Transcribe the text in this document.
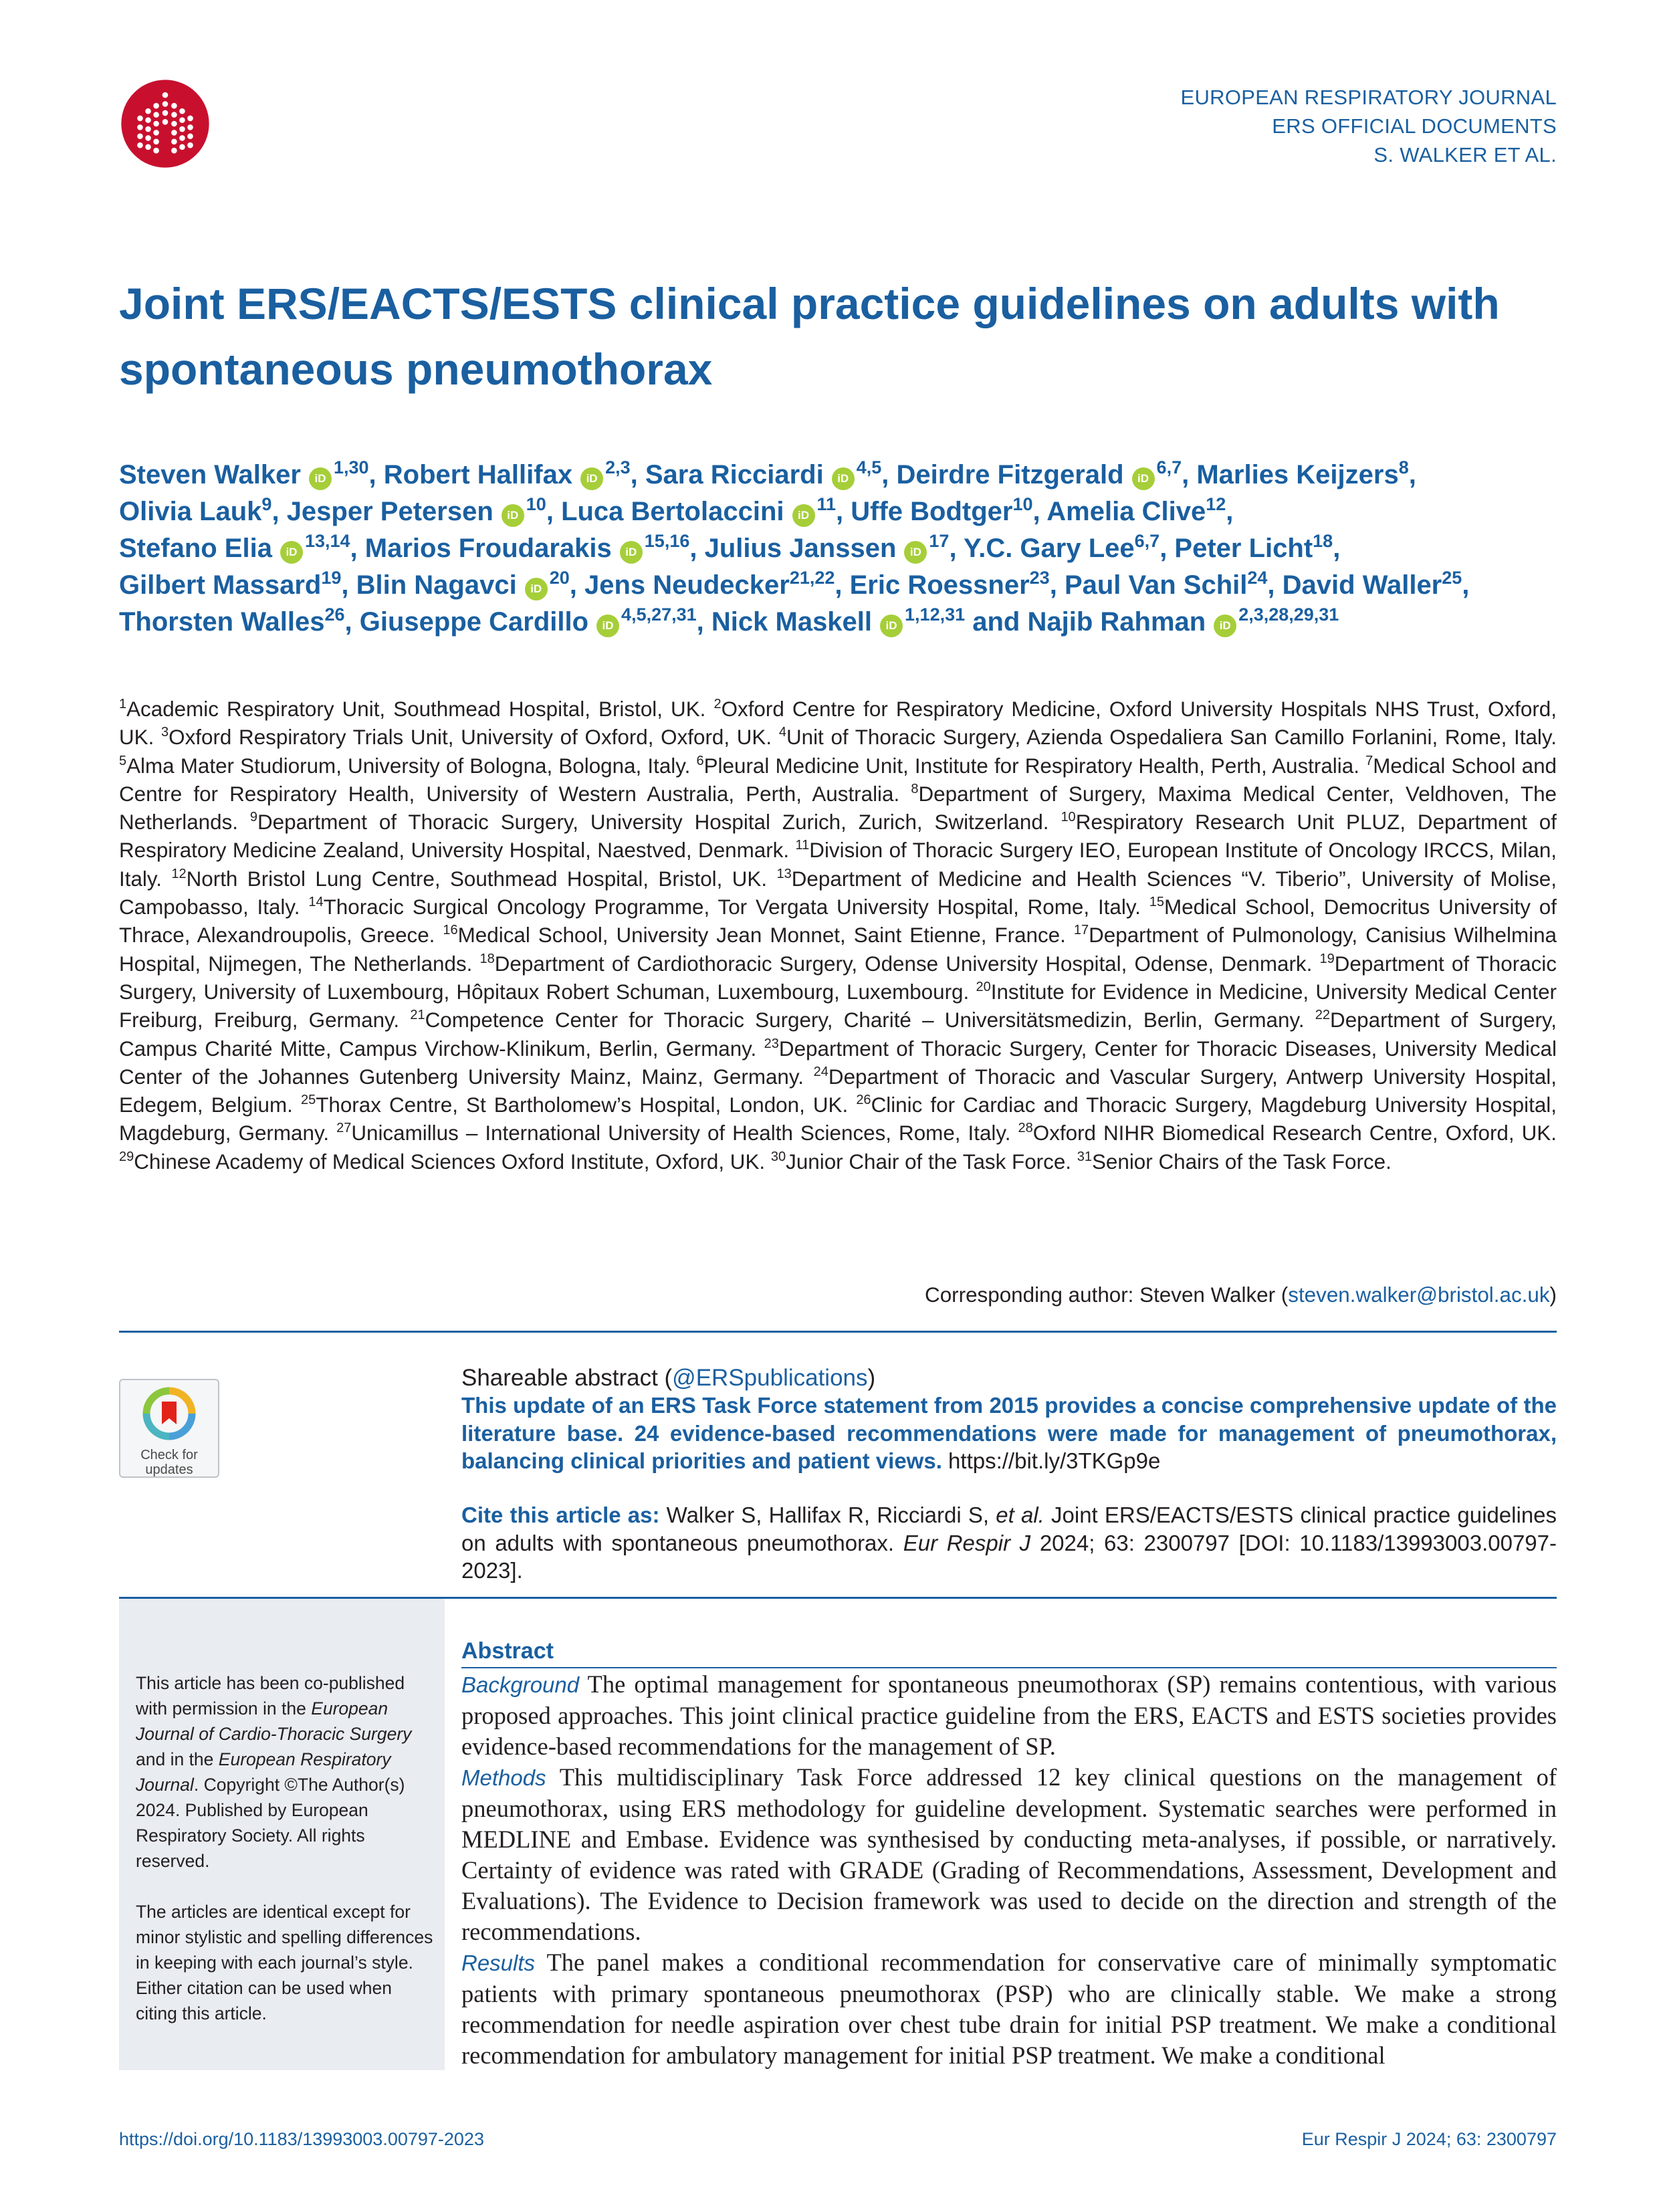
EUROPEAN RESPIRATORY JOURNAL
ERS OFFICIAL DOCUMENTS
S. WALKER ET AL.
Joint ERS/EACTS/ESTS clinical practice guidelines on adults with spontaneous pneumothorax
Steven Walker iD$^{1,30}$, Robert Hallifax iD$^{2,3}$, Sara Ricciardi iD$^{4,5}$, Deirdre Fitzgerald iD$^{6,7}$, Marlies Keijzers$^8$,
Olivia Lauk$^9$, Jesper Petersen $iD^{10}$, Luca Bertolaccini $iD^{11}$, Uffe Bodtger$^{10}$, Amelia Clive$^{12}$,
Stefano Elia iD$^{13,14}$, Marios Froudarakis iD$^{15,16}$, Julius Janssen $iD^{17}$, Y.C. Gary Lee$^{6,7}$, Peter Licht$^{18}$,
Gilbert Massard$^{19}$, Blin Nagavci $iD^{20}$, Jens Neudecker$^{21,22}$, Eric Roessner$^{23}$, Paul Van Schil$^{24}$, David Waller$^{25}$,
Thorsten Walles$^{26}$, Giuseppe Cardillo iD$^{4,5,27,31}$, Nick Maskell iD$^{1,12,31}$ and Najib Rahman iD$^{2,3,28,29,31}$
$^1$Academic Respiratory Unit, Southmead Hospital, Bristol, UK. $^2$Oxford Centre for Respiratory Medicine, Oxford University Hospitals NHS Trust, Oxford, UK. $^3$Oxford Respiratory Trials Unit, University of Oxford, Oxford, UK. $^4$Unit of Thoracic Surgery, Azienda Ospedaliera San Camillo Forlanini, Rome, Italy. $^5$Alma Mater Studiorum, University of Bologna, Bologna, Italy. $^6$Pleural Medicine Unit, Institute for Respiratory Health, Perth, Australia. $^7$Medical School and Centre for Respiratory Health, University of Western Australia, Perth, Australia. $^8$Department of Surgery, Maxima Medical Center, Veldhoven, The Netherlands. $^9$Department of Thoracic Surgery, University Hospital Zurich, Zurich, Switzerland. $^{10}$Respiratory Research Unit PLUZ, Department of Respiratory Medicine Zealand, University Hospital, Naestved, Denmark. $^{11}$Division of Thoracic Surgery IEO, European Institute of Oncology IRCCS, Milan, Italy. $^{12}$North Bristol Lung Centre, Southmead Hospital, Bristol, UK. $^{13}$Department of Medicine and Health Sciences “V. Tiberio”, University of Molise, Campobasso, Italy. $^{14}$Thoracic Surgical Oncology Programme, Tor Vergata University Hospital, Rome, Italy. $^{15}$Medical School, Democritus University of Thrace, Alexandroupolis, Greece. $^{16}$Medical School, University Jean Monnet, Saint Etienne, France. $^{17}$Department of Pulmonology, Canisius Wilhelmina Hospital, Nijmegen, The Netherlands. $^{18}$Department of Cardiothoracic Surgery, Odense University Hospital, Odense, Denmark. $^{19}$Department of Thoracic Surgery, University of Luxembourg, Hôpitaux Robert Schuman, Luxembourg, Luxembourg. $^{20}$Institute for Evidence in Medicine, University Medical Center Freiburg, Freiburg, Germany. $^{21}$Competence Center for Thoracic Surgery, Charité – Universitätsmedizin, Berlin, Germany. $^{22}$Department of Surgery, Campus Charité Mitte, Campus Virchow-Klinikum, Berlin, Germany. $^{23}$Department of Thoracic Surgery, Center for Thoracic Diseases, University Medical Center of the Johannes Gutenberg University Mainz, Mainz, Germany. $^{24}$Department of Thoracic and Vascular Surgery, Antwerp University Hospital, Edegem, Belgium. $^{25}$Thorax Centre, St Bartholomew’s Hospital, London, UK. $^{26}$Clinic for Cardiac and Thoracic Surgery, Magdeburg University Hospital, Magdeburg, Germany. $^{27}$Unicamillus – International University of Health Sciences, Rome, Italy. $^{28}$Oxford NIHR Biomedical Research Centre, Oxford, UK. $^{29}$Chinese Academy of Medical Sciences Oxford Institute, Oxford, UK. $^{30}$Junior Chair of the Task Force. $^{31}$Senior Chairs of the Task Force.
Corresponding author: Steven Walker (steven.walker@bristol.ac.uk)
Check for
updates
Shareable abstract (@ERSpublications)
This update of an ERS Task Force statement from 2015 provides a concise comprehensive update of the literature base. 24 evidence-based recommendations were made for management of pneumothorax, balancing clinical priorities and patient views. https://bit.ly/3TKGp9e
Cite this article as: Walker S, Hallifax R, Ricciardi S, et al. Joint ERS/EACTS/ESTS clinical practice guidelines on adults with spontaneous pneumothorax. Eur Respir J 2024; 63: 2300797 [DOI: 10.1183/13993003.00797-2023].

This article has been co-published with permission in the European Journal of Cardio-Thoracic Surgery and in the European Respiratory Journal. Copyright ©The Author(s) 2024. Published by European Respiratory Society. All rights reserved.

The articles are identical except for minor stylistic and spelling differences in keeping with each journal’s style. Either citation can be used when citing this article.

Abstract

Background The optimal management for spontaneous pneumothorax (SP) remains contentious, with various proposed approaches. This joint clinical practice guideline from the ERS, EACTS and ESTS societies provides evidence-based recommendations for the management of SP.

Methods This multidisciplinary Task Force addressed 12 key clinical questions on the management of pneumothorax, using ERS methodology for guideline development. Systematic searches were performed in MEDLINE and Embase. Evidence was synthesised by conducting meta-analyses, if possible, or narratively. Certainty of evidence was rated with GRADE (Grading of Recommendations, Assessment, Development and Evaluations). The Evidence to Decision framework was used to decide on the direction and strength of the recommendations.

Results The panel makes a conditional recommendation for conservative care of minimally symptomatic patients with primary spontaneous pneumothorax (PSP) who are clinically stable. We make a strong recommendation for needle aspiration over chest tube drain for initial PSP treatment. We make a conditional recommendation for ambulatory management for initial PSP treatment. We make a conditional

https://doi.org/10.1183/13993003.00797-2023	Eur Respir J 2024; 63: 2300797
